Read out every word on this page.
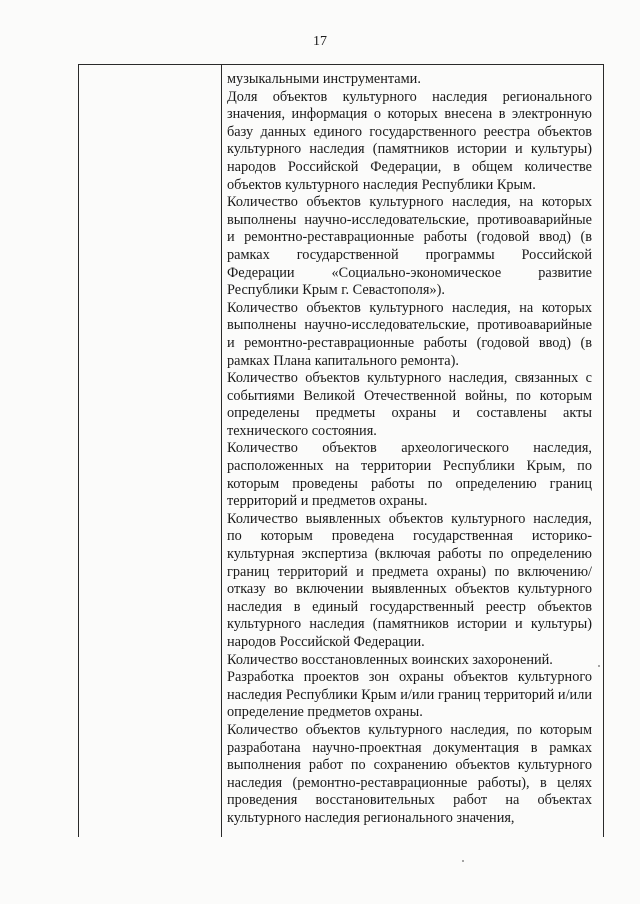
17

музыкальными инструментами.

Доля объектов культурного наследия регионального значения, информация о которых внесена в электронную базу данных единого государственного реестра объектов культурного наследия (памятников истории и культуры) народов Российской Федерации, в общем количестве объектов культурного наследия Республики Крым.

Количество объектов культурного наследия, на которых выполнены научно-исследовательские, противоаварийные и ремонтно-реставрационные работы (годовой ввод) (в рамках государственной программы Российской Федерации «Социально-экономическое развитие Республики Крым г. Севастополя»).

Количество объектов культурного наследия, на которых выполнены научно-исследовательские, противоаварийные и ремонтно-реставрационные работы (годовой ввод) (в рамках Плана капитального ремонта).

Количество объектов культурного наследия, связанных с событиями Великой Отечественной войны, по которым определены предметы охраны и составлены акты технического состояния.

Количество объектов археологического наследия, расположенных на территории Республики Крым, по которым проведены работы по определению границ территорий и предметов охраны.

Количество выявленных объектов культурного наследия, по которым проведена государственная историко-культурная экспертиза (включая работы по определению границ территорий и предмета охраны) по включению/отказу во включении выявленных объектов культурного наследия в единый государственный реестр объектов культурного наследия (памятников истории и культуры) народов Российской Федерации.

Количество восстановленных воинских захоронений.

Разработка проектов зон охраны объектов культурного наследия Республики Крым и/или границ территорий и/или определение предметов охраны.

Количество объектов культурного наследия, по которым разработана научно-проектная документация в рамках выполнения работ по сохранению объектов культурного наследия (ремонтно-реставрационные работы), в целях проведения восстановительных работ на объектах культурного наследия регионального значения,
